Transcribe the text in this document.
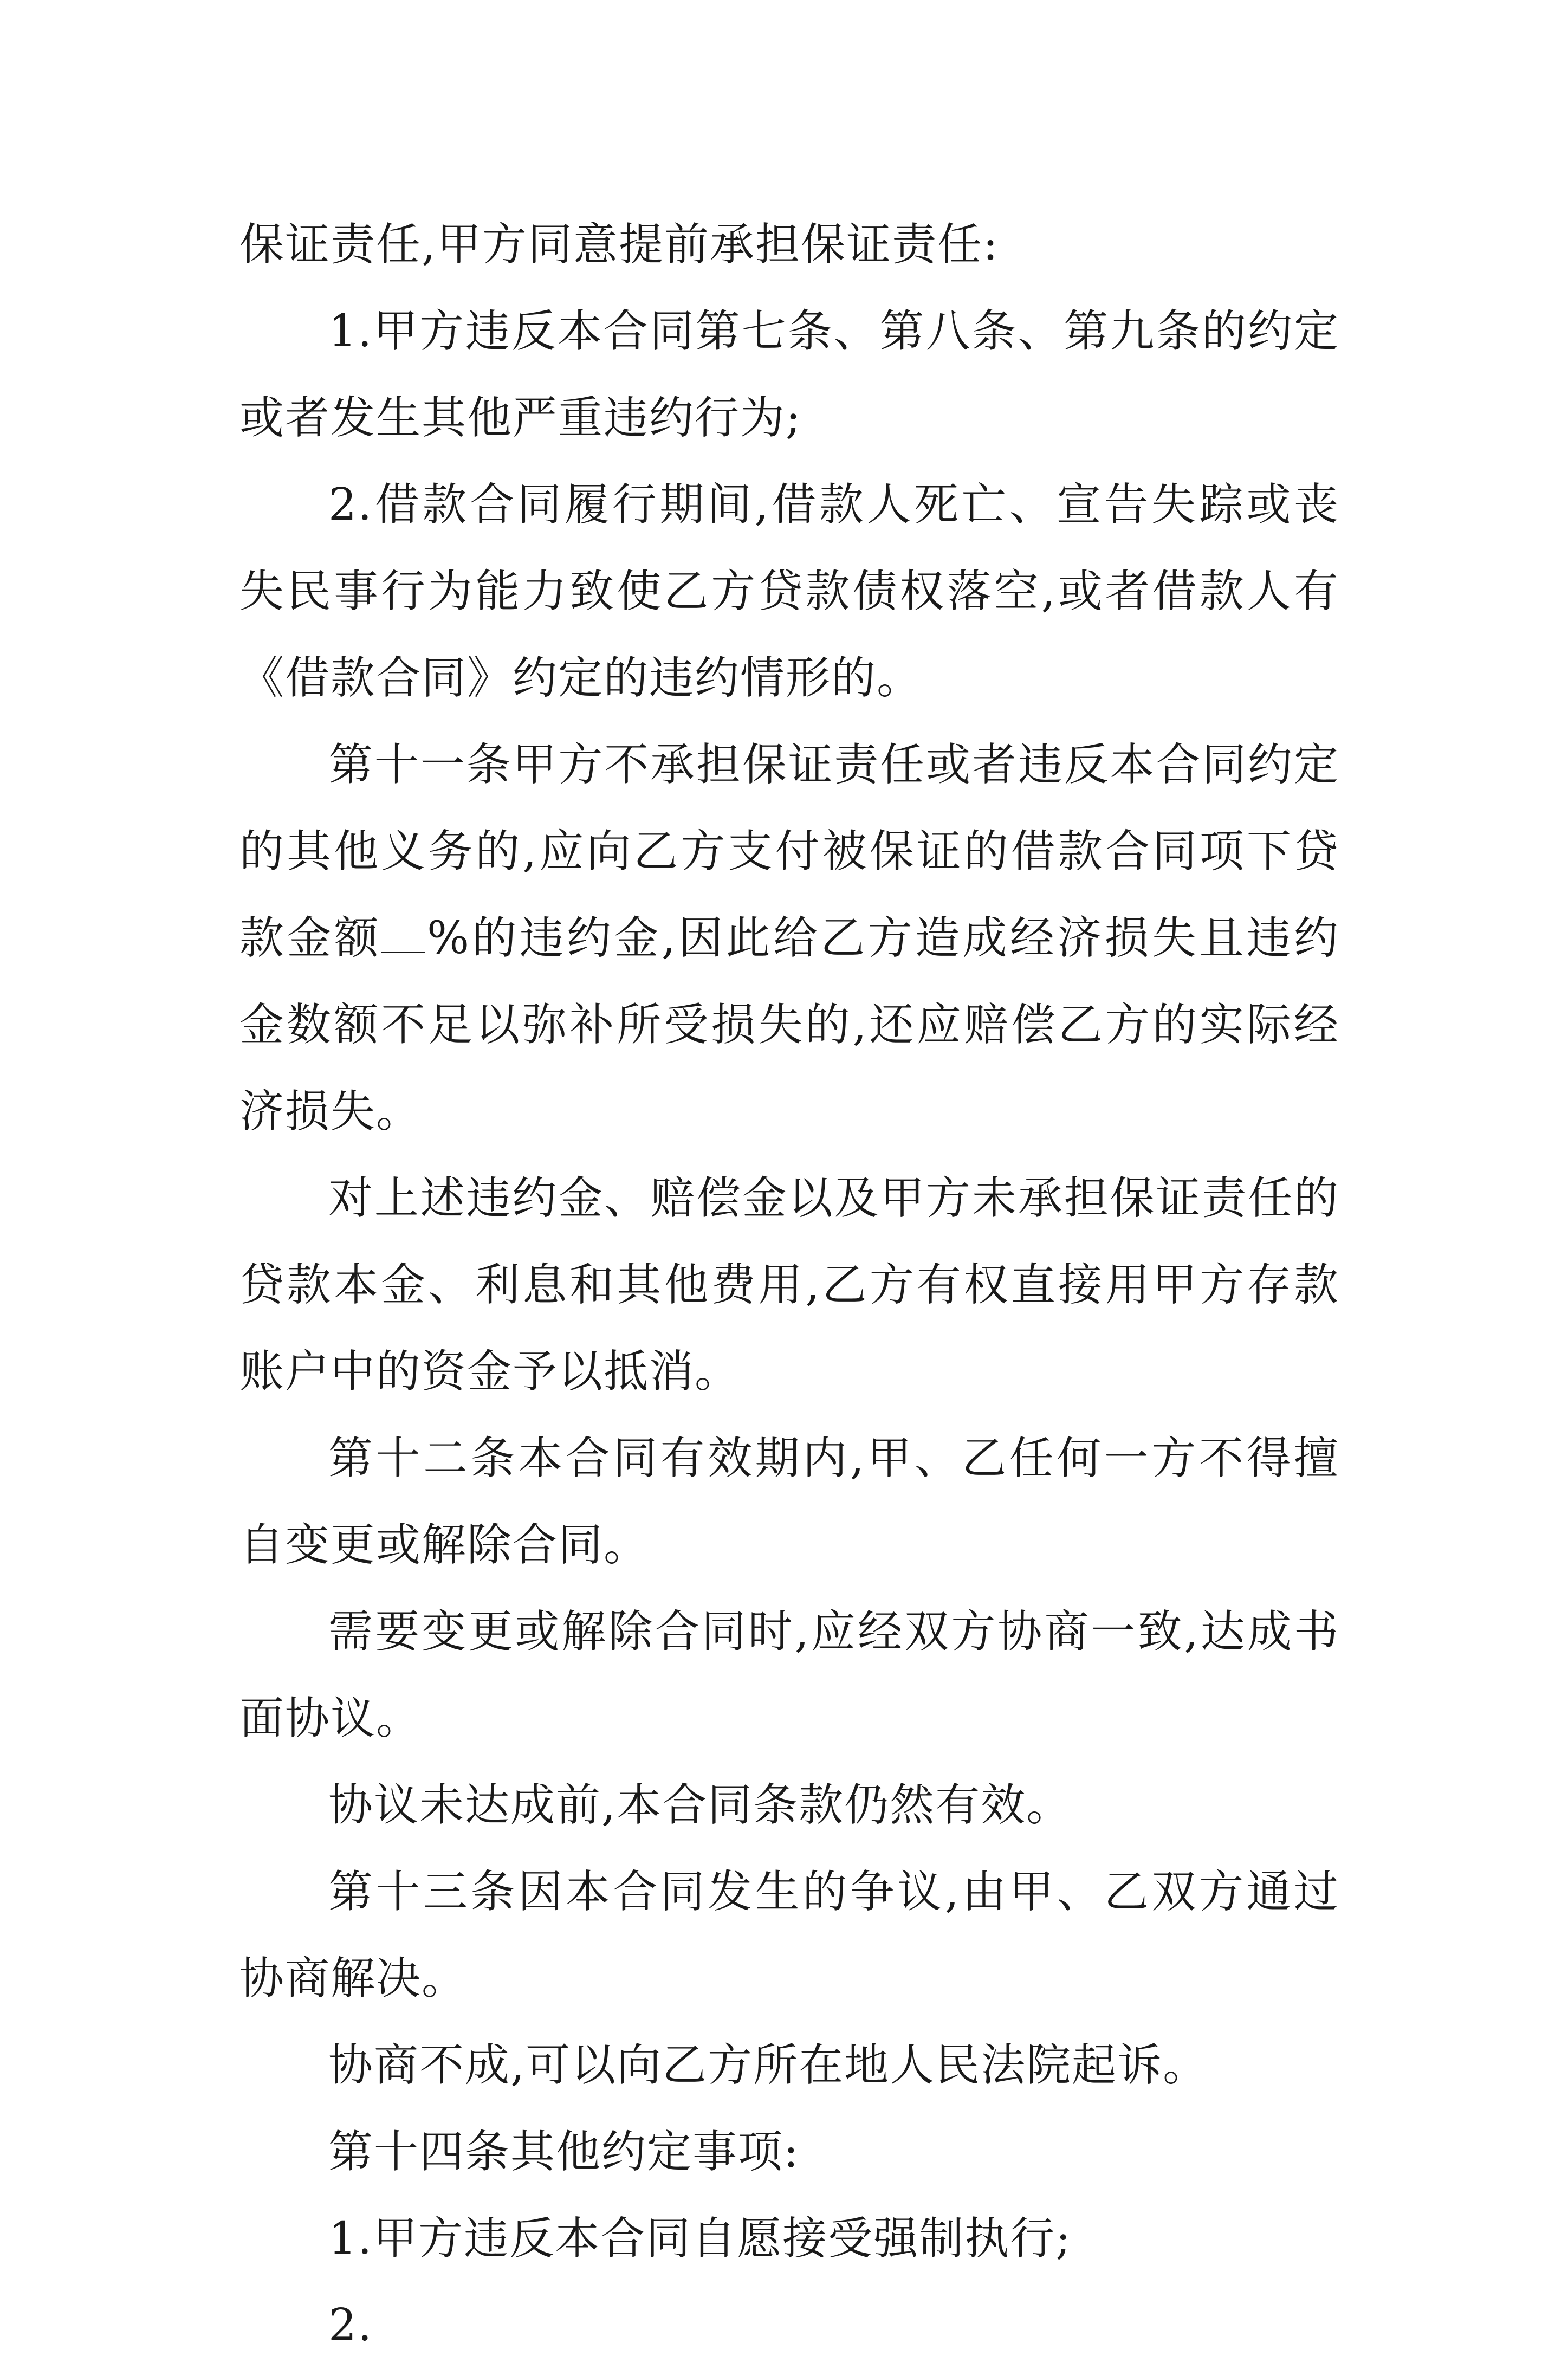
保证责任,甲方同意提前承担保证责任:

1.甲方违反本合同第七条、第八条、第九条的约定或者发生其他严重违约行为;

2.借款合同履行期间,借款人死亡、宣告失踪或丧失民事行为能力致使乙方贷款债权落空,或者借款人有《借款合同》约定的违约情形的。

第十一条甲方不承担保证责任或者违反本合同约定的其他义务的,应向乙方支付被保证的借款合同项下贷款金额 %的违约金,因此给乙方造成经济损失且违约金数额不足以弥补所受损失的,还应赔偿乙方的实际经济损失。

对上述违约金、赔偿金以及甲方未承担保证责任的贷款本金、利息和其他费用,乙方有权直接用甲方存款账户中的资金予以抵消。

第十二条本合同有效期内,甲、乙任何一方不得擅自变更或解除合同。

需要变更或解除合同时,应经双方协商一致,达成书面协议。

协议未达成前,本合同条款仍然有效。

第十三条因本合同发生的争议,由甲、乙双方通过协商解决。

协商不成,可以向乙方所在地人民法院起诉。

第十四条其他约定事项:

1.甲方违反本合同自愿接受强制执行;

2.
